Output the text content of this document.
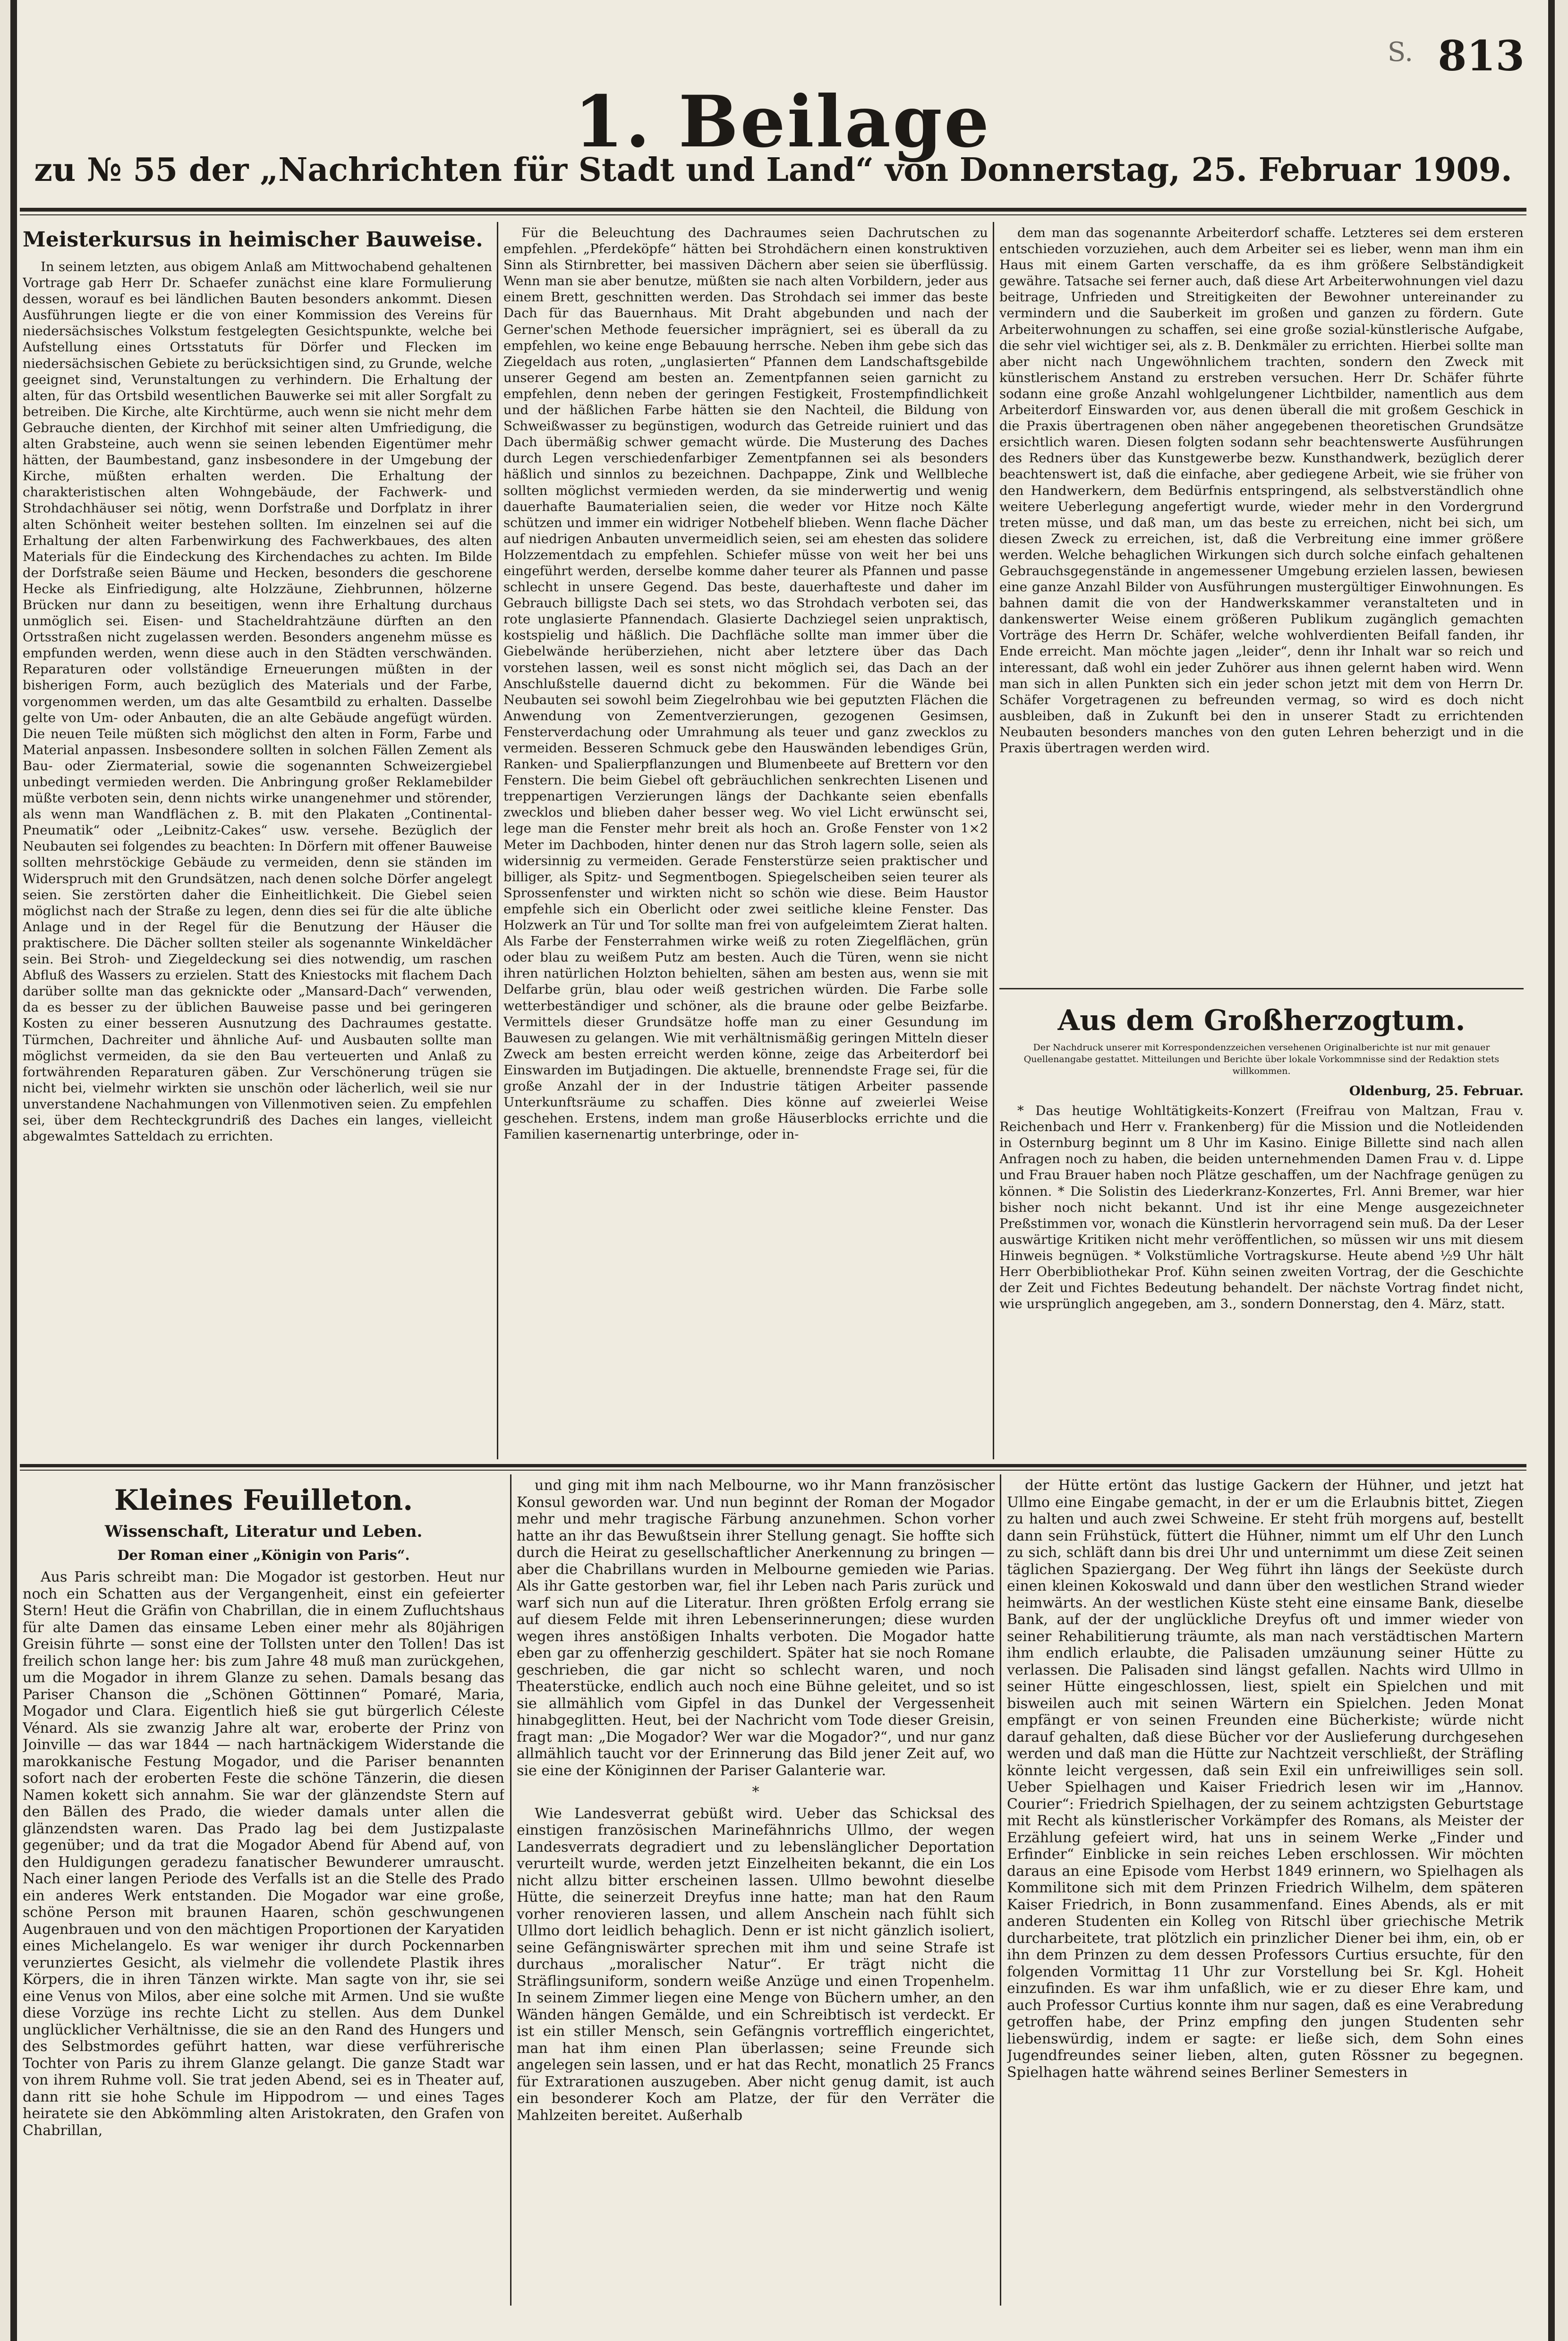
S. 813
1. Beilage
zu № 55 der „Nachrichten für Stadt und Land“ von Donnerstag, 25. Februar 1909.
Meisterkursus in heimischer Bauweise.

In seinem letzten, aus obigem Anlaß am Mittwochabend gehaltenen Vortrage gab Herr Dr. Schaefer zunächst eine klare Formulierung dessen, worauf es bei ländlichen Bauten besonders ankommt. Diesen Ausführungen liegte er die von einer Kommission des Vereins für niedersächsisches Volkstum festgelegten Gesichtspunkte, welche bei Aufstellung eines Ortsstatuts für Dörfer und Flecken im niedersächsischen Gebiete zu berücksichtigen sind, zu Grunde, welche geeignet sind, Verunstaltungen zu verhindern. Die Erhaltung der alten, für das Ortsbild wesentlichen Bauwerke sei mit aller Sorgfalt zu betreiben. Die Kirche, alte Kirchtürme, auch wenn sie nicht mehr dem Gebrauche dienten, der Kirchhof mit seiner alten Umfriedigung, die alten Grabsteine, auch wenn sie seinen lebenden Eigentümer mehr hätten, der Baumbestand, ganz insbesondere in der Umgebung der Kirche, müßten erhalten werden. Die Erhaltung der charakteristischen alten Wohngebäude, der Fachwerk- und Strohdachhäuser sei nötig, wenn Dorfstraße und Dorfplatz in ihrer alten Schönheit weiter bestehen sollten. Im einzelnen sei auf die Erhaltung der alten Farbenwirkung des Fachwerkbaues, des alten Materials für die Eindeckung des Kirchendaches zu achten. Im Bilde der Dorfstraße seien Bäume und Hecken, besonders die geschorene Hecke als Einfriedigung, alte Holzzäune, Ziehbrunnen, hölzerne Brücken nur dann zu beseitigen, wenn ihre Erhaltung durchaus unmöglich sei. Eisen- und Stacheldrahtzäune dürften an den Ortsstraßen nicht zugelassen werden. Besonders angenehm müsse es empfunden werden, wenn diese auch in den Städten verschwänden. Reparaturen oder vollständige Erneuerungen müßten in der bisherigen Form, auch bezüglich des Materials und der Farbe, vorgenommen werden, um das alte Gesamtbild zu erhalten. Dasselbe gelte von Um- oder Anbauten, die an alte Gebäude angefügt würden. Die neuen Teile müßten sich möglichst den alten in Form, Farbe und Material anpassen. Insbesondere sollten in solchen Fällen Zement als Bau- oder Ziermaterial, sowie die sogenannten Schweizergiebel unbedingt vermieden werden. Die Anbringung großer Reklamebilder müßte verboten sein, denn nichts wirke unangenehmer und störender, als wenn man Wandflächen z. B. mit den Plakaten „Continental-Pneumatik“ oder „Leibnitz-Cakes“ usw. versehe. Bezüglich der Neubauten sei folgendes zu beachten: In Dörfern mit offener Bauweise sollten mehrstöckige Gebäude zu vermeiden, denn sie ständen im Widerspruch mit den Grundsätzen, nach denen solche Dörfer angelegt seien. Sie zerstörten daher die Einheitlichkeit. Die Giebel seien möglichst nach der Straße zu legen, denn dies sei für die alte übliche Anlage und in der Regel für die Benutzung der Häuser die praktischere. Die Dächer sollten steiler als sogenannte Winkeldächer sein. Bei Stroh- und Ziegeldeckung sei dies notwendig, um raschen Abfluß des Wassers zu erzielen. Statt des Kniestocks mit flachem Dach darüber sollte man das geknickte oder „Mansard-Dach“ verwenden, da es besser zu der üblichen Bauweise passe und bei geringeren Kosten zu einer besseren Ausnutzung des Dachraumes gestatte. Türmchen, Dachreiter und ähnliche Auf- und Ausbauten sollte man möglichst vermeiden, da sie den Bau verteuerten und Anlaß zu fortwährenden Reparaturen gäben. Zur Verschönerung trügen sie nicht bei, vielmehr wirkten sie unschön oder lächerlich, weil sie nur unverstandene Nachahmungen von Villenmotiven seien. Zu empfehlen sei, über dem Rechteckgrundriß des Daches ein langes, vielleicht abgewalmtes Satteldach zu errichten.

Für die Beleuchtung des Dachraumes seien Dachrutschen zu empfehlen. „Pferdeköpfe“ hätten bei Strohdächern einen konstruktiven Sinn als Stirnbretter, bei massiven Dächern aber seien sie überflüssig. Wenn man sie aber benutze, müßten sie nach alten Vorbildern, jeder aus einem Brett, geschnitten werden. Das Strohdach sei immer das beste Dach für das Bauernhaus. Mit Draht abgebunden und nach der Gerner'schen Methode feuersicher imprägniert, sei es überall da zu empfehlen, wo keine enge Bebauung herrsche. Neben ihm gebe sich das Ziegeldach aus roten, „unglasierten“ Pfannen dem Landschaftsgebilde unserer Gegend am besten an. Zementpfannen seien garnicht zu empfehlen, denn neben der geringen Festigkeit, Frostempfindlichkeit und der häßlichen Farbe hätten sie den Nachteil, die Bildung von Schweißwasser zu begünstigen, wodurch das Getreide ruiniert und das Dach übermäßig schwer gemacht würde. Die Musterung des Daches durch Legen verschiedenfarbiger Zementpfannen sei als besonders häßlich und sinnlos zu bezeichnen. Dachpappe, Zink und Wellbleche sollten möglichst vermieden werden, da sie minderwertig und wenig dauerhafte Baumaterialien seien, die weder vor Hitze noch Kälte schützen und immer ein widriger Notbehelf blieben. Wenn flache Dächer auf niedrigen Anbauten unvermeidlich seien, sei am ehesten das solidere Holzzementdach zu empfehlen. Schiefer müsse von weit her bei uns eingeführt werden, derselbe komme daher teurer als Pfannen und passe schlecht in unsere Gegend. Das beste, dauerhafteste und daher im Gebrauch billigste Dach sei stets, wo das Strohdach verboten sei, das rote unglasierte Pfannendach. Glasierte Dachziegel seien unpraktisch, kostspielig und häßlich. Die Dachfläche sollte man immer über die Giebelwände herüberziehen, nicht aber letztere über das Dach vorstehen lassen, weil es sonst nicht möglich sei, das Dach an der Anschlußstelle dauernd dicht zu bekommen. Für die Wände bei Neubauten sei sowohl beim Ziegelrohbau wie bei geputzten Flächen die Anwendung von Zementverzierungen, gezogenen Gesimsen, Fensterverdachung oder Umrahmung als teuer und ganz zwecklos zu vermeiden. Besseren Schmuck gebe den Hauswänden lebendiges Grün, Ranken- und Spalierpflanzungen und Blumenbeete auf Brettern vor den Fenstern. Die beim Giebel oft gebräuchlichen senkrechten Lisenen und treppenartigen Verzierungen längs der Dachkante seien ebenfalls zwecklos und blieben daher besser weg. Wo viel Licht erwünscht sei, lege man die Fenster mehr breit als hoch an. Große Fenster von 1×2 Meter im Dachboden, hinter denen nur das Stroh lagern solle, seien als widersinnig zu vermeiden. Gerade Fensterstürze seien praktischer und billiger, als Spitz- und Segmentbogen. Spiegelscheiben seien teurer als Sprossenfenster und wirkten nicht so schön wie diese. Beim Haustor empfehle sich ein Oberlicht oder zwei seitliche kleine Fenster. Das Holzwerk an Tür und Tor sollte man frei von aufgeleimtem Zierat halten. Als Farbe der Fensterrahmen wirke weiß zu roten Ziegelflächen, grün oder blau zu weißem Putz am besten. Auch die Türen, wenn sie nicht ihren natürlichen Holzton behielten, sähen am besten aus, wenn sie mit Delfarbe grün, blau oder weiß gestrichen würden. Die Farbe solle wetterbeständiger und schöner, als die braune oder gelbe Beizfarbe. Vermittels dieser Grundsätze hoffe man zu einer Gesundung im Bauwesen zu gelangen. Wie mit verhältnismäßig geringen Mitteln dieser Zweck am besten erreicht werden könne, zeige das Arbeiterdorf bei Einswarden im Butjadingen. Die aktuelle, brennendste Frage sei, für die große Anzahl der in der Industrie tätigen Arbeiter passende Unterkunftsräume zu schaffen. Dies könne auf zweierlei Weise geschehen. Erstens, indem man große Häuserblocks errichte und die Familien kasernenartig unterbringe, oder in-

dem man das sogenannte Arbeiterdorf schaffe. Letzteres sei dem ersteren entschieden vorzuziehen, auch dem Arbeiter sei es lieber, wenn man ihm ein Haus mit einem Garten verschaffe, da es ihm größere Selbständigkeit gewähre. Tatsache sei ferner auch, daß diese Art Arbeiterwohnungen viel dazu beitrage, Unfrieden und Streitigkeiten der Bewohner untereinander zu vermindern und die Sauberkeit im großen und ganzen zu fördern. Gute Arbeiterwohnungen zu schaffen, sei eine große sozial-künstlerische Aufgabe, die sehr viel wichtiger sei, als z. B. Denkmäler zu errichten. Hierbei sollte man aber nicht nach Ungewöhnlichem trachten, sondern den Zweck mit künstlerischem Anstand zu erstreben versuchen. Herr Dr. Schäfer führte sodann eine große Anzahl wohlgelungener Lichtbilder, namentlich aus dem Arbeiterdorf Einswarden vor, aus denen überall die mit großem Geschick in die Praxis übertragenen oben näher angegebenen theoretischen Grundsätze ersichtlich waren. Diesen folgten sodann sehr beachtenswerte Ausführungen des Redners über das Kunstgewerbe bezw. Kunsthandwerk, bezüglich derer beachtenswert ist, daß die einfache, aber gediegene Arbeit, wie sie früher von den Handwerkern, dem Bedürfnis entspringend, als selbstverständlich ohne weitere Ueberlegung angefertigt wurde, wieder mehr in den Vordergrund treten müsse, und daß man, um das beste zu erreichen, nicht bei sich, um diesen Zweck zu erreichen, ist, daß die Verbreitung eine immer größere werden. Welche behaglichen Wirkungen sich durch solche einfach gehaltenen Gebrauchsgegenstände in angemessener Umgebung erzielen lassen, bewiesen eine ganze Anzahl Bilder von Ausführungen mustergültiger Einwohnungen. Es bahnen damit die von der Handwerkskammer veranstalteten und in dankenswerter Weise einem größeren Publikum zugänglich gemachten Vorträge des Herrn Dr. Schäfer, welche wohlverdienten Beifall fanden, ihr Ende erreicht. Man möchte jagen „leider“, denn ihr Inhalt war so reich und interessant, daß wohl ein jeder Zuhörer aus ihnen gelernt haben wird. Wenn man sich in allen Punkten sich ein jeder schon jetzt mit dem von Herrn Dr. Schäfer Vorgetragenen zu befreunden vermag, so wird es doch nicht ausbleiben, daß in Zukunft bei den in unserer Stadt zu errichtenden Neubauten besonders manches von den guten Lehren beherzigt und in die Praxis übertragen werden wird.

Aus dem Großherzogtum.
Der Nachdruck unserer mit Korrespondenzzeichen versehenen Originalberichte ist nur mit genauer Quellenangabe gestattet. Mitteilungen und Berichte über lokale Vorkommnisse sind der Redaktion stets willkommen.
Oldenburg, 25. Februar.

* Das heutige Wohltätigkeits-Konzert (Freifrau von Maltzan, Frau v. Reichenbach und Herr v. Frankenberg) für die Mission und die Notleidenden in Osternburg beginnt um 8 Uhr im Kasino. Einige Billette sind nach allen Anfragen noch zu haben, die beiden unternehmenden Damen Frau v. d. Lippe und Frau Brauer haben noch Plätze geschaffen, um der Nachfrage genügen zu können. * Die Solistin des Liederkranz-Konzertes, Frl. Anni Bremer, war hier bisher noch nicht bekannt. Und ist ihr eine Menge ausgezeichneter Preßstimmen vor, wonach die Künstlerin hervorragend sein muß. Da der Leser auswärtige Kritiken nicht mehr veröffentlichen, so müssen wir uns mit diesem Hinweis begnügen. * Volkstümliche Vortragskurse. Heute abend ½9 Uhr hält Herr Oberbibliothekar Prof. Kühn seinen zweiten Vortrag, der die Geschichte der Zeit und Fichtes Bedeutung behandelt. Der nächste Vortrag findet nicht, wie ursprünglich angegeben, am 3., sondern Donnerstag, den 4. März, statt.

Kleines Feuilleton.
Wissenschaft, Literatur und Leben.
Der Roman einer „Königin von Paris“.

Aus Paris schreibt man: Die Mogador ist gestorben. Heut nur noch ein Schatten aus der Vergangenheit, einst ein gefeierter Stern! Heut die Gräfin von Chabrillan, die in einem Zufluchtshaus für alte Damen das einsame Leben einer mehr als 80jährigen Greisin führte — sonst eine der Tollsten unter den Tollen! Das ist freilich schon lange her: bis zum Jahre 48 muß man zurückgehen, um die Mogador in ihrem Glanze zu sehen. Damals besang das Pariser Chanson die „Schönen Göttinnen“ Pomaré, Maria, Mogador und Clara. Eigentlich hieß sie gut bürgerlich Céleste Vénard. Als sie zwanzig Jahre alt war, eroberte der Prinz von Joinville — das war 1844 — nach hartnäckigem Widerstande die marokkanische Festung Mogador, und die Pariser benannten sofort nach der eroberten Feste die schöne Tänzerin, die diesen Namen kokett sich annahm. Sie war der glänzendste Stern auf den Bällen des Prado, die wieder damals unter allen die glänzendsten waren. Das Prado lag bei dem Justizpalaste gegenüber; und da trat die Mogador Abend für Abend auf, von den Huldigungen geradezu fanatischer Bewunderer umrauscht. Nach einer langen Periode des Verfalls ist an die Stelle des Prado ein anderes Werk entstanden. Die Mogador war eine große, schöne Person mit braunen Haaren, schön geschwungenen Augenbrauen und von den mächtigen Proportionen der Karyatiden eines Michelangelo. Es war weniger ihr durch Pockennarben verunziertes Gesicht, als vielmehr die vollendete Plastik ihres Körpers, die in ihren Tänzen wirkte. Man sagte von ihr, sie sei eine Venus von Milos, aber eine solche mit Armen. Und sie wußte diese Vorzüge ins rechte Licht zu stellen. Aus dem Dunkel unglücklicher Verhältnisse, die sie an den Rand des Hungers und des Selbstmordes geführt hatten, war diese verführerische Tochter von Paris zu ihrem Glanze gelangt. Die ganze Stadt war von ihrem Ruhme voll. Sie trat jeden Abend, sei es in Theater auf, dann ritt sie hohe Schule im Hippodrom — und eines Tages heiratete sie den Abkömmling alten Aristokraten, den Grafen von Chabrillan,

und ging mit ihm nach Melbourne, wo ihr Mann französischer Konsul geworden war. Und nun beginnt der Roman der Mogador mehr und mehr tragische Färbung anzunehmen. Schon vorher hatte an ihr das Bewußtsein ihrer Stellung genagt. Sie hoffte sich durch die Heirat zu gesellschaftlicher Anerkennung zu bringen — aber die Chabrillans wurden in Melbourne gemieden wie Parias. Als ihr Gatte gestorben war, fiel ihr Leben nach Paris zurück und warf sich nun auf die Literatur. Ihren größten Erfolg errang sie auf diesem Felde mit ihren Lebenserinnerungen; diese wurden wegen ihres anstößigen Inhalts verboten. Die Mogador hatte eben gar zu offenherzig geschildert. Später hat sie noch Romane geschrieben, die gar nicht so schlecht waren, und noch Theaterstücke, endlich auch noch eine Bühne geleitet, und so ist sie allmählich vom Gipfel in das Dunkel der Vergessenheit hinabgeglitten. Heut, bei der Nachricht vom Tode dieser Greisin, fragt man: „Die Mogador? Wer war die Mogador?“, und nur ganz allmählich taucht vor der Erinnerung das Bild jener Zeit auf, wo sie eine der Königinnen der Pariser Galanterie war.

*

Wie Landesverrat gebüßt wird. Ueber das Schicksal des einstigen französischen Marinefähnrichs Ullmo, der wegen Landesverrats degradiert und zu lebenslänglicher Deportation verurteilt wurde, werden jetzt Einzelheiten bekannt, die ein Los nicht allzu bitter erscheinen lassen. Ullmo bewohnt dieselbe Hütte, die seinerzeit Dreyfus inne hatte; man hat den Raum vorher renovieren lassen, und allem Anschein nach fühlt sich Ullmo dort leidlich behaglich. Denn er ist nicht gänzlich isoliert, seine Gefängniswärter sprechen mit ihm und seine Strafe ist durchaus „moralischer Natur“. Er trägt nicht die Sträflingsuniform, sondern weiße Anzüge und einen Tropenhelm. In seinem Zimmer liegen eine Menge von Büchern umher, an den Wänden hängen Gemälde, und ein Schreibtisch ist verdeckt. Er ist ein stiller Mensch, sein Gefängnis vortrefflich eingerichtet, man hat ihm einen Plan überlassen; seine Freunde sich angelegen sein lassen, und er hat das Recht, monatlich 25 Francs für Extrarationen auszugeben. Aber nicht genug damit, ist auch ein besonderer Koch am Platze, der für den Verräter die Mahlzeiten bereitet. Außerhalb

der Hütte ertönt das lustige Gackern der Hühner, und jetzt hat Ullmo eine Eingabe gemacht, in der er um die Erlaubnis bittet, Ziegen zu halten und auch zwei Schweine. Er steht früh morgens auf, bestellt dann sein Frühstück, füttert die Hühner, nimmt um elf Uhr den Lunch zu sich, schläft dann bis drei Uhr und unternimmt um diese Zeit seinen täglichen Spaziergang. Der Weg führt ihn längs der Seeküste durch einen kleinen Kokoswald und dann über den westlichen Strand wieder heimwärts. An der westlichen Küste steht eine einsame Bank, dieselbe Bank, auf der der unglückliche Dreyfus oft und immer wieder von seiner Rehabilitierung träumte, als man nach verstädtischen Martern ihm endlich erlaubte, die Palisaden umzäunung seiner Hütte zu verlassen. Die Palisaden sind längst gefallen. Nachts wird Ullmo in seiner Hütte eingeschlossen, liest, spielt ein Spielchen und mit bisweilen auch mit seinen Wärtern ein Spielchen. Jeden Monat empfängt er von seinen Freunden eine Bücherkiste; würde nicht darauf gehalten, daß diese Bücher vor der Auslieferung durchgesehen werden und daß man die Hütte zur Nachtzeit verschließt, der Sträfling könnte leicht vergessen, daß sein Exil ein unfreiwilliges sein soll. Ueber Spielhagen und Kaiser Friedrich lesen wir im „Hannov. Courier“: Friedrich Spielhagen, der zu seinem achtzigsten Geburtstage mit Recht als künstlerischer Vorkämpfer des Romans, als Meister der Erzählung gefeiert wird, hat uns in seinem Werke „Finder und Erfinder“ Einblicke in sein reiches Leben erschlossen. Wir möchten daraus an eine Episode vom Herbst 1849 erinnern, wo Spielhagen als Kommilitone sich mit dem Prinzen Friedrich Wilhelm, dem späteren Kaiser Friedrich, in Bonn zusammenfand. Eines Abends, als er mit anderen Studenten ein Kolleg von Ritschl über griechische Metrik durcharbeitete, trat plötzlich ein prinzlicher Diener bei ihm, ein, ob er ihn dem Prinzen zu dem dessen Professors Curtius ersuchte, für den folgenden Vormittag 11 Uhr zur Vorstellung bei Sr. Kgl. Hoheit einzufinden. Es war ihm unfaßlich, wie er zu dieser Ehre kam, und auch Professor Curtius konnte ihm nur sagen, daß es eine Verabredung getroffen habe, der Prinz empfing den jungen Studenten sehr liebenswürdig, indem er sagte: er ließe sich, dem Sohn eines Jugendfreundes seiner lieben, alten, guten Rössner zu begegnen. Spielhagen hatte während seines Berliner Semesters in
